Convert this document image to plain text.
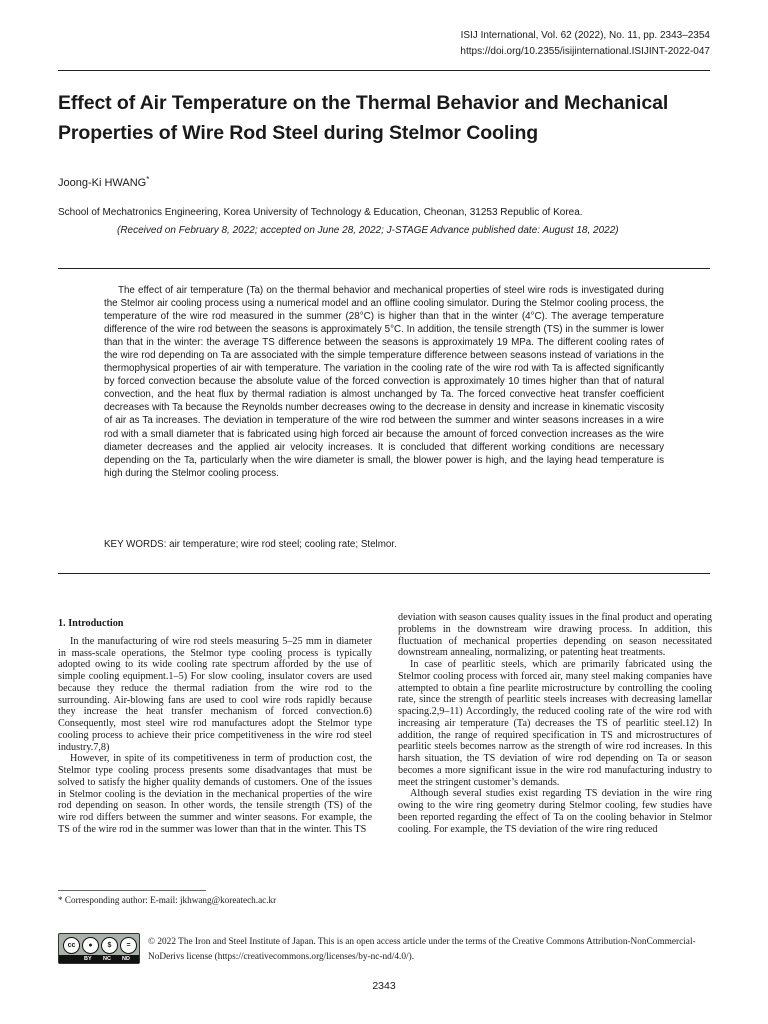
ISIJ International, Vol. 62 (2022), No. 11, pp. 2343–2354
https://doi.org/10.2355/isijinternational.ISIJINT-2022-047
Effect of Air Temperature on the Thermal Behavior and Mechanical Properties of Wire Rod Steel during Stelmor Cooling
Joong-Ki HWANG*
School of Mechatronics Engineering, Korea University of Technology & Education, Cheonan, 31253 Republic of Korea.
(Received on February 8, 2022; accepted on June 28, 2022; J-STAGE Advance published date: August 18, 2022)

The effect of air temperature (Ta) on the thermal behavior and mechanical properties of steel wire rods is investigated during the Stelmor air cooling process using a numerical model and an offline cooling simulator. During the Stelmor cooling process, the temperature of the wire rod measured in the summer (28°C) is higher than that in the winter (4°C). The average temperature difference of the wire rod between the seasons is approximately 5°C. In addition, the tensile strength (TS) in the summer is lower than that in the winter: the average TS difference between the seasons is approximately 19 MPa. The different cooling rates of the wire rod depending on Ta are associated with the simple temperature difference between seasons instead of variations in the thermophysical properties of air with temperature. The variation in the cooling rate of the wire rod with Ta is affected significantly by forced convection because the absolute value of the forced convection is approximately 10 times higher than that of natural convection, and the heat flux by thermal radiation is almost unchanged by Ta. The forced convective heat transfer coefficient decreases with Ta because the Reynolds number decreases owing to the decrease in density and increase in kinematic viscosity of air as Ta increases. The deviation in temperature of the wire rod between the summer and winter seasons increases in a wire rod with a small diameter that is fabricated using high forced air because the amount of forced convection increases as the wire diameter decreases and the applied air velocity increases. It is concluded that different working conditions are necessary depending on the Ta, particularly when the wire diameter is small, the blower power is high, and the laying head temperature is high during the Stelmor cooling process.

KEY WORDS: air temperature; wire rod steel; cooling rate; Stelmor.
1. Introduction

In the manufacturing of wire rod steels measuring 5–25 mm in diameter in mass-scale operations, the Stelmor type cooling process is typically adopted owing to its wide cooling rate spectrum afforded by the use of simple cooling equipment.1–5) For slow cooling, insulator covers are used because they reduce the thermal radiation from the wire rod to the surrounding. Air-blowing fans are used to cool wire rods rapidly because they increase the heat transfer mechanism of forced convection.6) Consequently, most steel wire rod manufactures adopt the Stelmor type cooling process to achieve their price competitiveness in the wire rod steel industry.7,8)

However, in spite of its competitiveness in term of production cost, the Stelmor type cooling process presents some disadvantages that must be solved to satisfy the higher quality demands of customers. One of the issues in Stelmor cooling is the deviation in the mechanical properties of the wire rod depending on season. In other words, the tensile strength (TS) of the wire rod differs between the summer and winter seasons. For example, the TS of the wire rod in the summer was lower than that in the winter. This TS

deviation with season causes quality issues in the final product and operating problems in the downstream wire drawing process. In addition, this fluctuation of mechanical properties depending on season necessitated downstream annealing, normalizing, or patenting heat treatments.

In case of pearlitic steels, which are primarily fabricated using the Stelmor cooling process with forced air, many steel making companies have attempted to obtain a fine pearlite microstructure by controlling the cooling rate, since the strength of pearlitic steels increases with decreasing lamellar spacing.2,9–11) Accordingly, the reduced cooling rate of the wire rod with increasing air temperature (Ta) decreases the TS of pearlitic steel.12) In addition, the range of required specification in TS and microstructures of pearlitic steels becomes narrow as the strength of wire rod increases. In this harsh situation, the TS deviation of wire rod depending on Ta or season becomes a more significant issue in the wire rod manufacturing industry to meet the stringent customer’s demands.

Although several studies exist regarding TS deviation in the wire ring owing to the wire ring geometry during Stelmor cooling, few studies have been reported regarding the effect of Ta on the cooling behavior in Stelmor cooling. For example, the TS deviation of the wire ring reduced

* Corresponding author: E-mail: jkhwang@koreatech.ac.kr
cc	●	$	=
BY NC ND
© 2022 The Iron and Steel Institute of Japan. This is an open access article under the terms of the Creative Commons Attribution-NonCommercial-NoDerivs license (https://creativecommons.org/licenses/by-nc-nd/4.0/).
2343
